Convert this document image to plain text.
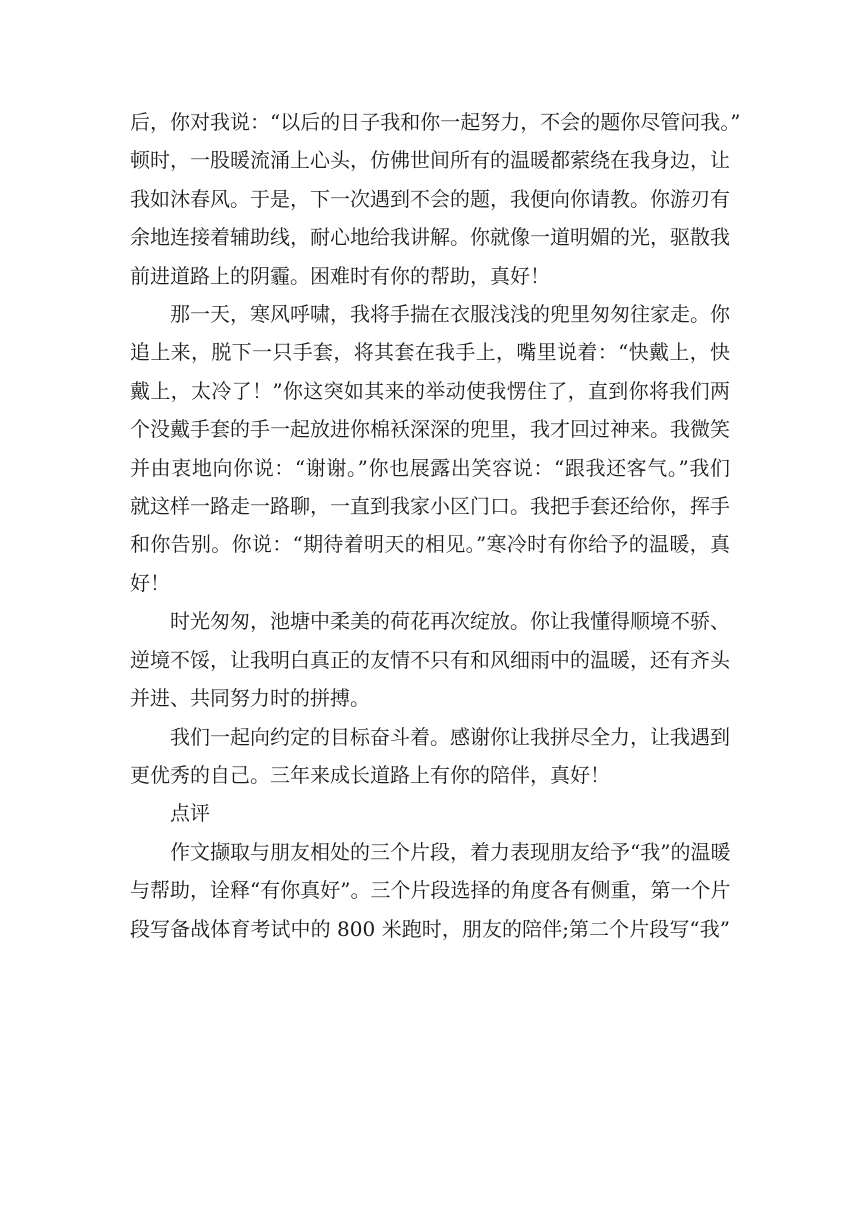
后，你对我说：“以后的日子我和你一起努力，不会的题你尽管问我。”
顿时，一股暖流涌上心头，仿佛世间所有的温暖都萦绕在我身边，让
我如沐春风。于是，下一次遇到不会的题，我便向你请教。你游刃有
余地连接着辅助线，耐心地给我讲解。你就像一道明媚的光，驱散我
前进道路上的阴霾。困难时有你的帮助，真好！
那一天，寒风呼啸，我将手揣在衣服浅浅的兜里匆匆往家走。你
追上来，脱下一只手套，将其套在我手上，嘴里说着：“快戴上，快
戴上，太冷了！”你这突如其来的举动使我愣住了，直到你将我们两
个没戴手套的手一起放进你棉袄深深的兜里，我才回过神来。我微笑
并由衷地向你说：“谢谢。”你也展露出笑容说：“跟我还客气。”我们
就这样一路走一路聊，一直到我家小区门口。我把手套还给你，挥手
和你告别。你说：“期待着明天的相见。”寒冷时有你给予的温暖，真
好！
时光匆匆，池塘中柔美的荷花再次绽放。你让我懂得顺境不骄、
逆境不馁，让我明白真正的友情不只有和风细雨中的温暖，还有齐头
并进、共同努力时的拼搏。
我们一起向约定的目标奋斗着。感谢你让我拼尽全力，让我遇到
更优秀的自己。三年来成长道路上有你的陪伴，真好！
点评
作文撷取与朋友相处的三个片段，着力表现朋友给予“我”的温暖
与帮助，诠释“有你真好”。三个片段选择的角度各有侧重，第一个片
段写备战体育考试中的 800 米跑时，朋友的陪伴;第二个片段写“我”
